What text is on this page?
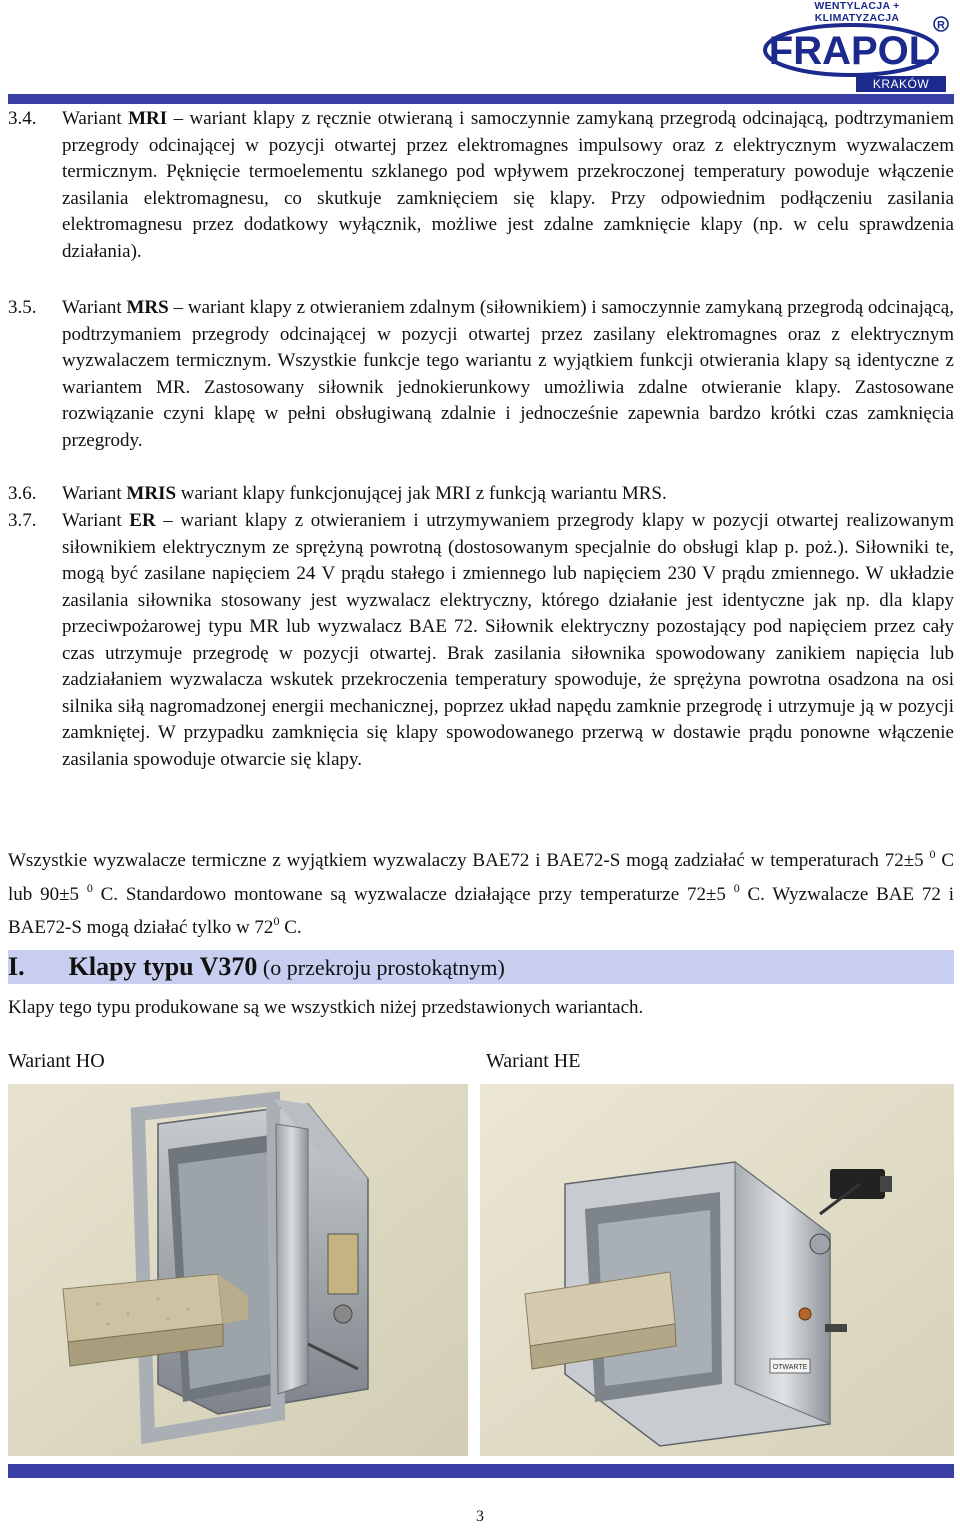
WENTYLACJA + KLIMATYZACJA
FRAPOL
R
KRAKÓW
3.4. Wariant MRI – wariant klapy z ręcznie otwieraną i samoczynnie zamykaną przegrodą odcinającą, podtrzymaniem przegrody odcinającej w pozycji otwartej przez elektromagnes impulsowy oraz z elektrycznym wyzwalaczem termicznym. Pęknięcie termoelementu szklanego pod wpływem przekroczonej temperatury powoduje włączenie zasilania elektromagnesu, co skutkuje zamknięciem się klapy. Przy odpowiednim podłączeniu zasilania elektromagnesu przez dodatkowy wyłącznik, możliwe jest zdalne zamknięcie klapy (np. w celu sprawdzenia działania).
3.5. Wariant MRS – wariant klapy z otwieraniem zdalnym (siłownikiem) i samoczynnie zamykaną przegrodą odcinającą, podtrzymaniem przegrody odcinającej w pozycji otwartej przez zasilany elektromagnes oraz z elektrycznym wyzwalaczem termicznym. Wszystkie funkcje tego wariantu z wyjątkiem funkcji otwierania klapy są identyczne z wariantem MR. Zastosowany siłownik jednokierunkowy umożliwia zdalne otwieranie klapy. Zastosowane rozwiązanie czyni klapę w pełni obsługiwaną zdalnie i jednocześnie zapewnia bardzo krótki czas zamknięcia przegrody.
3.6. Wariant MRIS wariant klapy funkcjonującej jak MRI z funkcją wariantu MRS.
3.7. Wariant ER – wariant klapy z otwieraniem i utrzymywaniem przegrody klapy w pozycji otwartej realizowanym siłownikiem elektrycznym ze sprężyną powrotną (dostosowanym specjalnie do obsługi klap p. poż.). Siłowniki te, mogą być zasilane napięciem 24 V prądu stałego i zmiennego lub napięciem 230 V prądu zmiennego. W układzie zasilania siłownika stosowany jest wyzwalacz elektryczny, którego działanie jest identyczne jak np. dla klapy przeciwpożarowej typu MR lub wyzwalacz BAE 72. Siłownik elektryczny pozostający pod napięciem przez cały czas utrzymuje przegrodę w pozycji otwartej. Brak zasilania siłownika spowodowany zanikiem napięcia lub zadziałaniem wyzwalacza wskutek przekroczenia temperatury spowoduje, że sprężyna powrotna osadzona na osi silnika siłą nagromadzonej energii mechanicznej, poprzez układ napędu zamknie przegrodę i utrzymuje ją w pozycji zamkniętej. W przypadku zamknięcia się klapy spowodowanego przerwą w dostawie prądu ponowne włączenie zasilania spowoduje otwarcie się klapy.
Wszystkie wyzwalacze termiczne z wyjątkiem wyzwalaczy BAE72 i BAE72-S mogą zadziałać w temperaturach 72±5 $^0$ C lub 90±5 $^0$ C. Standardowo montowane są wyzwalacze działające przy temperaturze 72±5 $^0$ C. Wyzwalacze BAE 72 i BAE72-S mogą działać tylko w $72^0$ C.
I. Klapy typu V370 (o przekroju prostokątnym)
Klapy tego typu produkowane są we wszystkich niżej przedstawionych wariantach.
Wariant HO	Wariant HE
OTWARTE
3
